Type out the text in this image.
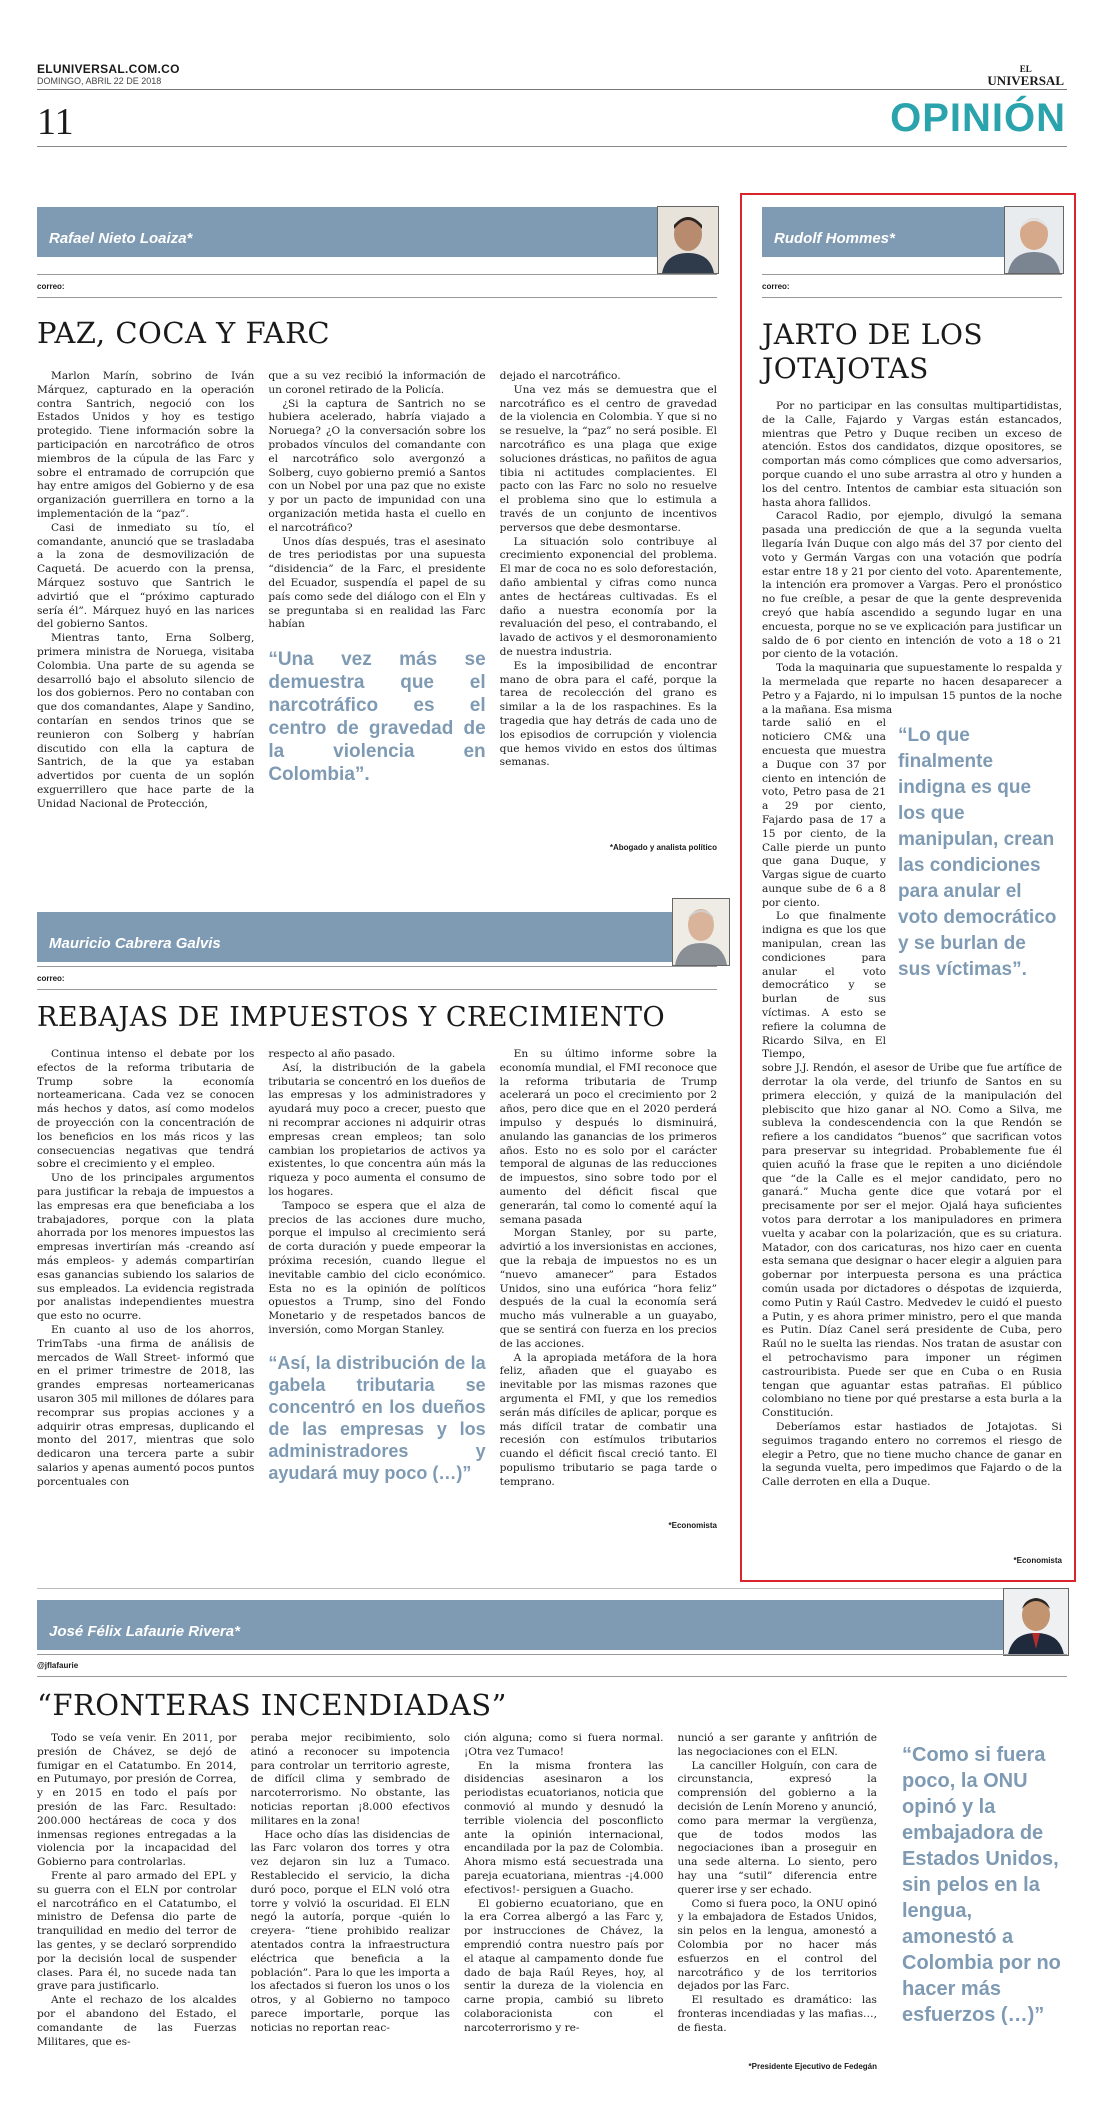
ELUNIVERSAL.COM.CO
DOMINGO, ABRIL 22 DE 2018
EL
UNIVERSAL
11	OPINIÓN
Rafael Nieto Loaiza*
correo:
PAZ, COCA Y FARC

Marlon Marín, sobrino de Iván Márquez, capturado en la operación contra Santrich, negoció con los Estados Unidos y hoy es testigo protegido. Tiene información sobre la participación en narcotráfico de otros miembros de la cúpula de las Farc y sobre el entramado de corrupción que hay entre amigos del Gobierno y de esa organización guerrillera en torno a la implementación de la “paz”.

Casi de inmediato su tío, el comandante, anunció que se trasladaba a la zona de desmovilización de Caquetá. De acuerdo con la prensa, Márquez sostuvo que Santrich le advirtió que el “próximo capturado sería él”. Márquez huyó en las narices del gobierno Santos.

Mientras tanto, Erna Solberg, primera ministra de Noruega, visitaba Colombia. Una parte de su agenda se desarrolló bajo el absoluto silencio de los dos gobiernos. Pero no contaban con que dos comandantes, Alape y Sandino, contarían en sendos trinos que se reunieron con Solberg y habrían discutido con ella la captura de Santrich, de la que ya estaban advertidos por cuenta de un soplón exguerrillero que hace parte de la Unidad Nacional de Protección,

que a su vez recibió la información de un coronel retirado de la Policía.

¿Si la captura de Santrich no se hubiera acelerado, habría viajado a Noruega? ¿O la conversación sobre los probados vínculos del comandante con el narcotráfico solo avergonzó a Solberg, cuyo gobierno premió a Santos con un Nobel por una paz que no existe y por un pacto de impunidad con una organización metida hasta el cuello en el narcotráfico?

Unos días después, tras el asesinato de tres periodistas por una supuesta “disidencia” de la Farc, el presidente del Ecuador, suspendía el papel de su país como sede del diálogo con el Eln y se preguntaba si en realidad las Farc habían

“Una vez más se demuestra que el narcotráfico es el centro de gravedad de la violencia en Colombia”.

dejado el narcotráfico.

Una vez más se demuestra que el narcotráfico es el centro de gravedad de la violencia en Colombia. Y que si no se resuelve, la “paz” no será posible. El narcotráfico es una plaga que exige soluciones drásticas, no pañitos de agua tibia ni actitudes complacientes. El pacto con las Farc no solo no resuelve el problema sino que lo estimula a través de un conjunto de incentivos perversos que debe desmontarse.

La situación solo contribuye al crecimiento exponencial del problema. El mar de coca no es solo deforestación, daño ambiental y cifras como nunca antes de hectáreas cultivadas. Es el daño a nuestra economía por la revaluación del peso, el contrabando, el lavado de activos y el desmoronamiento de nuestra industria.

Es la imposibilidad de encontrar mano de obra para el café, porque la tarea de recolección del grano es similar a la de los raspachines. Es la tragedia que hay detrás de cada uno de los episodios de corrupción y violencia que hemos vivido en estos dos últimas semanas.

*Abogado y analista político
Mauricio Cabrera Galvis
correo:
REBAJAS DE IMPUESTOS Y CRECIMIENTO

Continua intenso el debate por los efectos de la reforma tributaria de Trump sobre la economía norteamericana. Cada vez se conocen más hechos y datos, así como modelos de proyección con la concentración de los beneficios en los más ricos y las consecuencias negativas que tendrá sobre el crecimiento y el empleo.

Uno de los principales argumentos para justificar la rebaja de impuestos a las empresas era que beneficiaba a los trabajadores, porque con la plata ahorrada por los menores impuestos las empresas invertirían más -creando así más empleos- y además compartirían esas ganancias subiendo los salarios de sus empleados. La evidencia registrada por analistas independientes muestra que esto no ocurre.

En cuanto al uso de los ahorros, TrimTabs -una firma de análisis de mercados de Wall Street- informó que en el primer trimestre de 2018, las grandes empresas norteamericanas usaron 305 mil millones de dólares para recomprar sus propias acciones y a adquirir otras empresas, duplicando el monto del 2017, mientras que solo dedicaron una tercera parte a subir salarios y apenas aumentó pocos puntos porcentuales con

respecto al año pasado.

Así, la distribución de la gabela tributaria se concentró en los dueños de las empresas y los administradores y ayudará muy poco a crecer, puesto que ni recomprar acciones ni adquirir otras empresas crean empleos; tan solo cambian los propietarios de activos ya existentes, lo que concentra aún más la riqueza y poco aumenta el consumo de los hogares.

Tampoco se espera que el alza de precios de las acciones dure mucho, porque el impulso al crecimiento será de corta duración y puede empeorar la próxima recesión, cuando llegue el inevitable cambio del ciclo económico. Esta no es la opinión de políticos opuestos a Trump, sino del Fondo Monetario y de respetados bancos de inversión, como Morgan Stanley.

“Así, la distribución de la gabela tributaria se concentró en los dueños de las empresas y los administradores y ayudará muy poco (…)”

En su último informe sobre la economía mundial, el FMI reconoce que la reforma tributaria de Trump acelerará un poco el crecimiento por 2 años, pero dice que en el 2020 perderá impulso y después lo disminuirá, anulando las ganancias de los primeros años. Esto no es solo por el carácter temporal de algunas de las reducciones de impuestos, sino sobre todo por el aumento del déficit fiscal que generarán, tal como lo comenté aquí la semana pasada

Morgan Stanley, por su parte, advirtió a los inversionistas en acciones, que la rebaja de impuestos no es un “nuevo amanecer” para Estados Unidos, sino una eufórica “hora feliz” después de la cual la economía será mucho más vulnerable a un guayabo, que se sentirá con fuerza en los precios de las acciones.

A la apropiada metáfora de la hora feliz, añaden que el guayabo es inevitable por las mismas razones que argumenta el FMI, y que los remedios serán más difíciles de aplicar, porque es más difícil tratar de combatir una recesión con estímulos tributarios cuando el déficit fiscal creció tanto. El populismo tributario se paga tarde o temprano.

*Economista
Rudolf Hommes*
correo:
JARTO DE LOS JOTAJOTAS

Por no participar en las consultas multipartidistas, de la Calle, Fajardo y Vargas están estancados, mientras que Petro y Duque reciben un exceso de atención. Estos dos candidatos, dizque opositores, se comportan más como cómplices que como adversarios, porque cuando el uno sube arrastra al otro y hunden a los del centro. Intentos de cambiar esta situación son hasta ahora fallidos.

Caracol Radio, por ejemplo, divulgó la semana pasada una predicción de que a la segunda vuelta llegaría Iván Duque con algo más del 37 por ciento del voto y Germán Vargas con una votación que podría estar entre 18 y 21 por ciento del voto. Aparentemente, la intención era promover a Vargas. Pero el pronóstico no fue creíble, a pesar de que la gente desprevenida creyó que había ascendido a segundo lugar en una encuesta, porque no se ve explicación para justificar un saldo de 6 por ciento en intención de voto a 18 o 21 por ciento de la votación.

Toda la maquinaria que supuestamente lo respalda y la mermelada que reparte no hacen desaparecer a Petro y a Fajardo, ni lo impulsan 15 puntos de la noche a la mañana. Esa misma

tarde salió en el noticiero CM& una encuesta que muestra a Duque con 37 por ciento en intención de voto, Petro pasa de 21 a 29 por ciento, Fajardo pasa de 17 a 15 por ciento, de la Calle pierde un punto que gana Duque, y Vargas sigue de cuarto aunque sube de 6 a 8 por ciento.

Lo que finalmente indigna es que los que manipulan, crean las condiciones para anular el voto democrático y se burlan de sus víctimas. A esto se refiere la columna de Ricardo Silva, en El Tiempo,

“Lo que finalmente indigna es que los que manipulan, crean las condiciones para anular el voto democrático y se burlan de sus víctimas”.

sobre J.J. Rendón, el asesor de Uribe que fue artífice de derrotar la ola verde, del triunfo de Santos en su primera elección, y quizá de la manipulación del plebiscito que hizo ganar al NO. Como a Silva, me subleva la condescendencia con la que Rendón se refiere a los candidatos “buenos” que sacrifican votos para preservar su integridad. Probablemente fue él quien acuñó la frase que le repiten a uno diciéndole que “de la Calle es el mejor candidato, pero no ganará.” Mucha gente dice que votará por el precisamente por ser el mejor. Ojalá haya suficientes votos para derrotar a los manipuladores en primera vuelta y acabar con la polarización, que es su criatura. Matador, con dos caricaturas, nos hizo caer en cuenta esta semana que designar o hacer elegir a alguien para gobernar por interpuesta persona es una práctica común usada por dictadores o déspotas de izquierda, como Putin y Raúl Castro. Medvedev le cuidó el puesto a Putin, y es ahora primer ministro, pero el que manda es Putin. Díaz Canel será presidente de Cuba, pero Raúl no le suelta las riendas. Nos tratan de asustar con el petrochavismo para imponer un régimen castrouribista. Puede ser que en Cuba o en Rusia tengan que aguantar estas patrañas. El público colombiano no tiene por qué prestarse a esta burla a la Constitución.

Deberíamos estar hastiados de Jotajotas. Si seguimos tragando entero no corremos el riesgo de elegir a Petro, que no tiene mucho chance de ganar en la segunda vuelta, pero impedimos que Fajardo o de la Calle derroten en ella a Duque.

*Economista
José Félix Lafaurie Rivera*
@jflafaurie
“FRONTERAS INCENDIADAS”

Todo se veía venir. En 2011, por presión de Chávez, se dejó de fumigar en el Catatumbo. En 2014, en Putumayo, por presión de Correa, y en 2015 en todo el país por presión de las Farc. Resultado: 200.000 hectáreas de coca y dos inmensas regiones entregadas a la violencia por la incapacidad del Gobierno para controlarlas.

Frente al paro armado del EPL y su guerra con el ELN por controlar el narcotráfico en el Catatumbo, el ministro de Defensa dio parte de tranquilidad en medio del terror de las gentes, y se declaró sorprendido por la decisión local de suspender clases. Para él, no sucede nada tan grave para justificarlo.

Ante el rechazo de los alcaldes por el abandono del Estado, el comandante de las Fuerzas Militares, que es-

peraba mejor recibimiento, solo atinó a reconocer su impotencia para controlar un territorio agreste, de difícil clima y sembrado de narcoterrorismo. No obstante, las noticias reportan ¡8.000 efectivos militares en la zona!

Hace ocho días las disidencias de las Farc volaron dos torres y otra vez dejaron sin luz a Tumaco. Restablecido el servicio, la dicha duró poco, porque el ELN voló otra torre y volvió la oscuridad. El ELN negó la autoría, porque -quién lo creyera- “tiene prohibido realizar atentados contra la infraestructura eléctrica que beneficia a la población”. Para lo que les importa a los afectados si fueron los unos o los otros, y al Gobierno no tampoco parece importarle, porque las noticias no reportan reac-

ción alguna; como si fuera normal. ¡Otra vez Tumaco!

En la misma frontera las disidencias asesinaron a los periodistas ecuatorianos, noticia que conmovió al mundo y desnudó la terrible violencia del posconflicto ante la opinión internacional, encandilada por la paz de Colombia. Ahora mismo está secuestrada una pareja ecuatoriana, mientras -¡4.000 efectivos!- persiguen a Guacho.

El gobierno ecuatoriano, que en la era Correa albergó a las Farc y, por instrucciones de Chávez, la emprendió contra nuestro país por el ataque al campamento donde fue dado de baja Raúl Reyes, hoy, al sentir la dureza de la violencia en carne propia, cambió su libreto colaboracionista con el narcoterrorismo y re-

nunció a ser garante y anfitrión de las negociaciones con el ELN.

La canciller Holguín, con cara de circunstancia, expresó la comprensión del gobierno a la decisión de Lenín Moreno y anunció, como para mermar la vergüenza, que de todos modos las negociaciones iban a proseguir en una sede alterna. Lo siento, pero hay una “sutil” diferencia entre querer irse y ser echado.

Como si fuera poco, la ONU opinó y la embajadora de Estados Unidos, sin pelos en la lengua, amonestó a Colombia por no hacer más esfuerzos en el control del narcotráfico y de los territorios dejados por las Farc.

El resultado es dramático: las fronteras incendiadas y las mafias…, de fiesta.

“Como si fuera poco, la ONU opinó y la embajadora de Estados Unidos, sin pelos en la lengua, amonestó a Colombia por no hacer más esfuerzos (…)”
*Presidente Ejecutivo de Fedegán
